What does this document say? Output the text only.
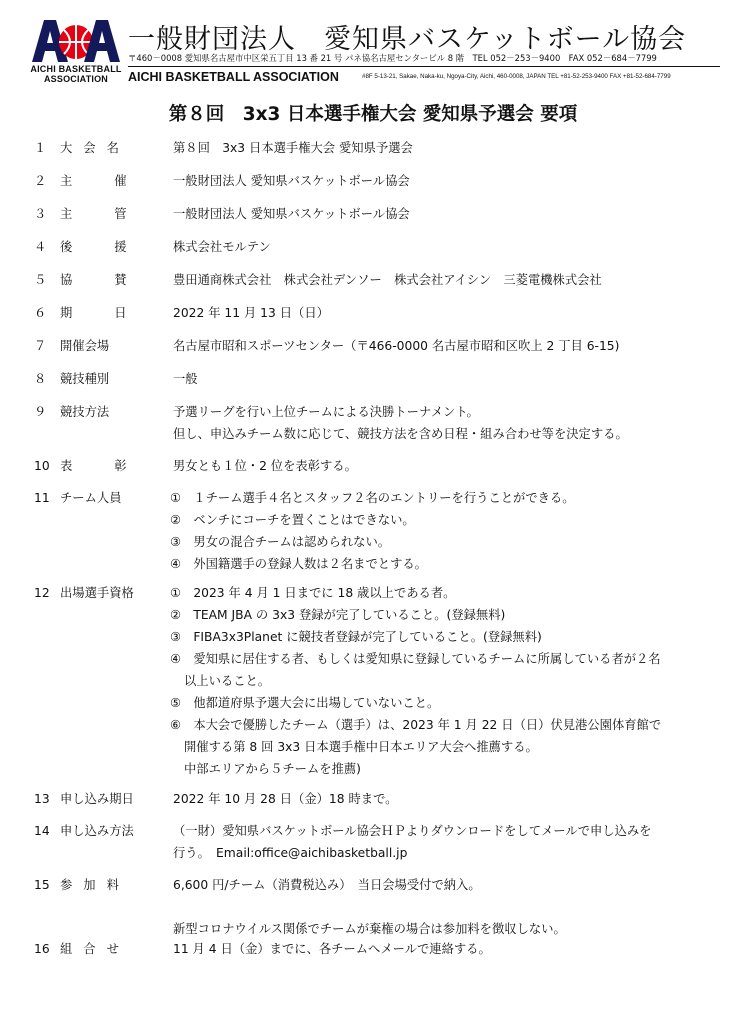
AICHI BASKETBALL
ASSOCIATION
一般財団法人　愛知県バスケットボール協会
〒460－0008 愛知県名古屋市中区栄五丁目 13 番 21 号 パネ協名古屋センタービル 8 階　TEL 052－253－9400　FAX 052－684－7799
AICHI BASKETBALL ASSOCIATION	#8F 5-13-21, Sakae, Naka-ku, Ngoya-City, Aichi, 460-0008, JAPAN TEL +81-52-253-9400 FAX +81-52-684-7799
第８回　3x3 日本選手権大会 愛知県予選会 要項
１ 大会名	第８回　3x3 日本選手権大会 愛知県予選会
２ 主催 一般財団法人 愛知県バスケットボール協会
３ 主管 一般財団法人 愛知県バスケットボール協会
４ 後援 株式会社モルテン
５ 協賛 豊田通商株式会社　株式会社デンソー　株式会社アイシン　三菱電機株式会社
６ 期日 2022 年 11 月 13 日（日）
７ 開催会場	名古屋市昭和スポーツセンター（〒466-0000 名古屋市昭和区吹上 2 丁目 6-15)
８ 競技種別	一般
９ 競技方法	予選リーグを行い上位チームによる決勝トーナメント。
但し、申込みチーム数に応じて、競技方法を含め日程・組み合わせ等を決定する。
10 表彰 男女とも１位・2 位を表彰する。
11 チーム人員	①　１チーム選手４名とスタッフ２名のエントリーを行うことができる。
②　ベンチにコーチを置くことはできない。
③　男女の混合チームは認められない。
④　外国籍選手の登録人数は２名までとする。
12 出場選手資格	①　2023 年 4 月 1 日までに 18 歳以上である者。
②　TEAM JBA の 3x3 登録が完了していること。(登録無料)
③　FIBA3x3Planet に競技者登録が完了していること。(登録無料)
④　愛知県に居住する者、もしくは愛知県に登録しているチームに所属している者が２名
以上いること。
⑤　他都道府県予選大会に出場していないこと。
⑥　本大会で優勝したチーム（選手）は、2023 年 1 月 22 日（日）伏見港公園体育館で
開催する第 8 回 3x3 日本選手権中日本エリア大会へ推薦する。
中部エリアから５チームを推薦)
13 申し込み期日	2022 年 10 月 28 日（金）18 時まで。
14 申し込み方法	（一財）愛知県バスケットボール協会ＨＰよりダウンロードをしてメールで申し込みを
行う。　Email:office@aichibasketball.jp
15 参加料	6,600 円/チーム（消費税込み）　当日会場受付で納入。
新型コロナウイルス関係でチームが棄権の場合は参加料を徴収しない。
16 組合せ	11 月 4 日（金）までに、各チームへメールで連絡する。
